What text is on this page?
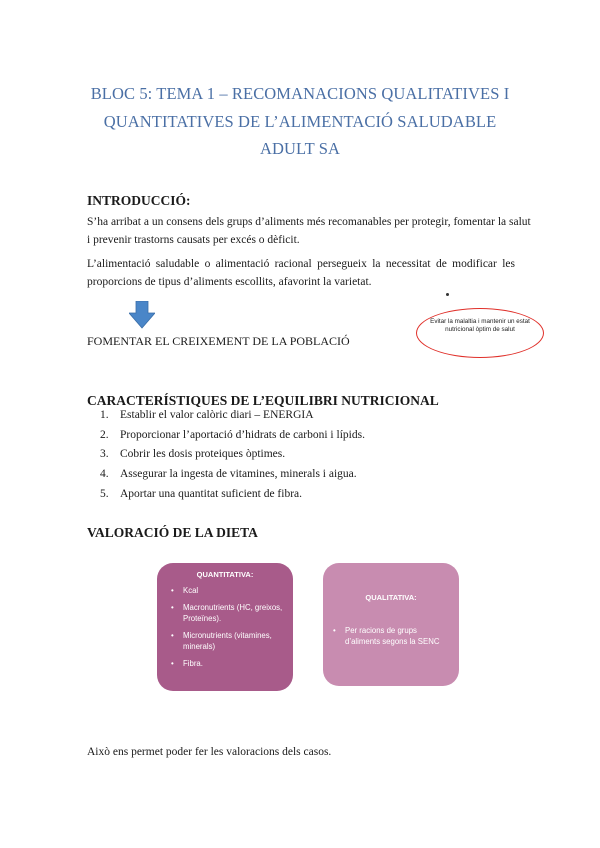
BLOC 5: TEMA 1 – RECOMANACIONS QUALITATIVES I
QUANTITATIVES DE L’ALIMENTACIÓ SALUDABLE
ADULT SA
INTRODUCCIÓ:
S’ha arribat a un consens dels grups d’aliments més recomanables per protegir, fomentar la salut
i prevenir trastorns causats per excés o dèficit.
L’alimentació saludable o alimentació racional persegueix la necessitat de modificar les
proporcions de tipus d’aliments escollits, afavorint la varietat.
FOMENTAR EL CREIXEMENT DE LA POBLACIÓ
Evitar la malaltia i mantenir un estat nutricional òptim de salut
CARACTERÍSTIQUES DE L’EQUILIBRI NUTRICIONAL
1. Establir el valor calòric diari – ENERGIA
2. Proporcionar l’aportació d’hidrats de carboni i lípids.
3. Cobrir les dosis proteiques òptimes.
4. Assegurar la ingesta de vitamines, minerals i aigua.
5. Aportar una quantitat suficient de fibra.
VALORACIÓ DE LA DIETA
QUANTITATIVA:
• Kcal
• Macronutrients (HC, greixos, Proteïnes).
• Micronutrients (vitamines, minerals)
• Fibra.
QUALITATIVA:
• Per racions de grups d’aliments segons la SENC
Això ens permet poder fer les valoracions dels casos.
